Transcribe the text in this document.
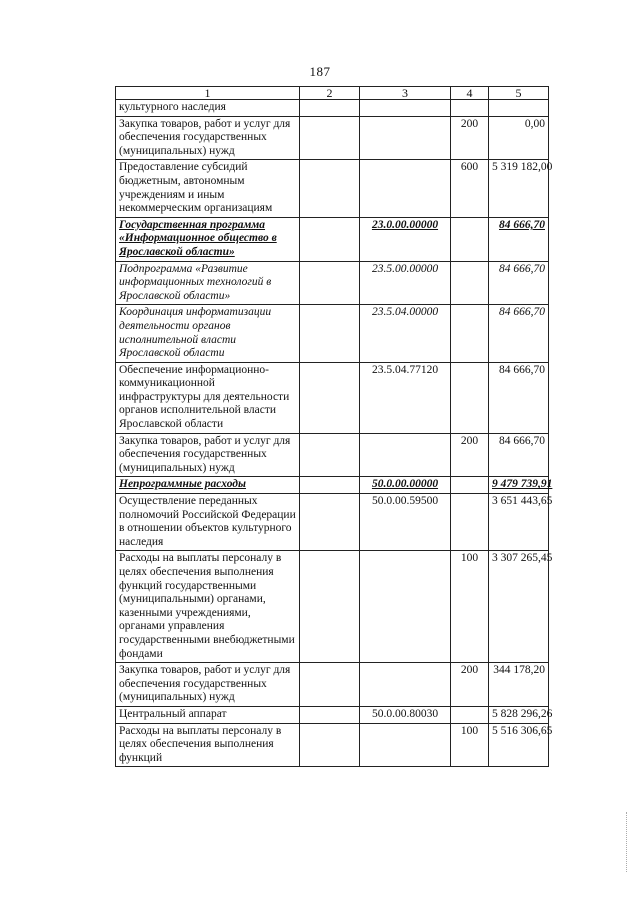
187
1	2	3	4	5
культурного наследия				
Закупка товаров, работ и услуг для обеспечения государственных (муниципальных) нужд			200	0,00
Предоставление субсидий бюджетным, автономным учреждениям и иным некоммерческим организациям			600	5 319 182,00
Государственная программа «Информационное общество в Ярославской области»		23.0.00.00000		84 666,70
Подпрограмма «Развитие информационных технологий в Ярославской области»		23.5.00.00000		84 666,70
Координация информатизации деятельности органов исполнительной власти Ярославской области		23.5.04.00000		84 666,70
Обеспечение информационно-коммуникационной инфраструктуры для деятельности органов исполнительной власти Ярославской области		23.5.04.77120		84 666,70
Закупка товаров, работ и услуг для обеспечения государственных (муниципальных) нужд			200	84 666,70
Непрограммные расходы		50.0.00.00000		9 479 739,91
Осуществление переданных полномочий Российской Федерации в отношении объектов культурного наследия		50.0.00.59500		3 651 443,65
Расходы на выплаты персоналу в целях обеспечения выполнения функций государственными (муниципальными) органами, казенными учреждениями, органами управления государственными внебюджетными фондами			100	3 307 265,45
Закупка товаров, работ и услуг для обеспечения государственных (муниципальных) нужд			200	344 178,20
Центральный аппарат		50.0.00.80030		5 828 296,26
Расходы на выплаты персоналу в целях обеспечения выполнения функций			100	5 516 306,65
